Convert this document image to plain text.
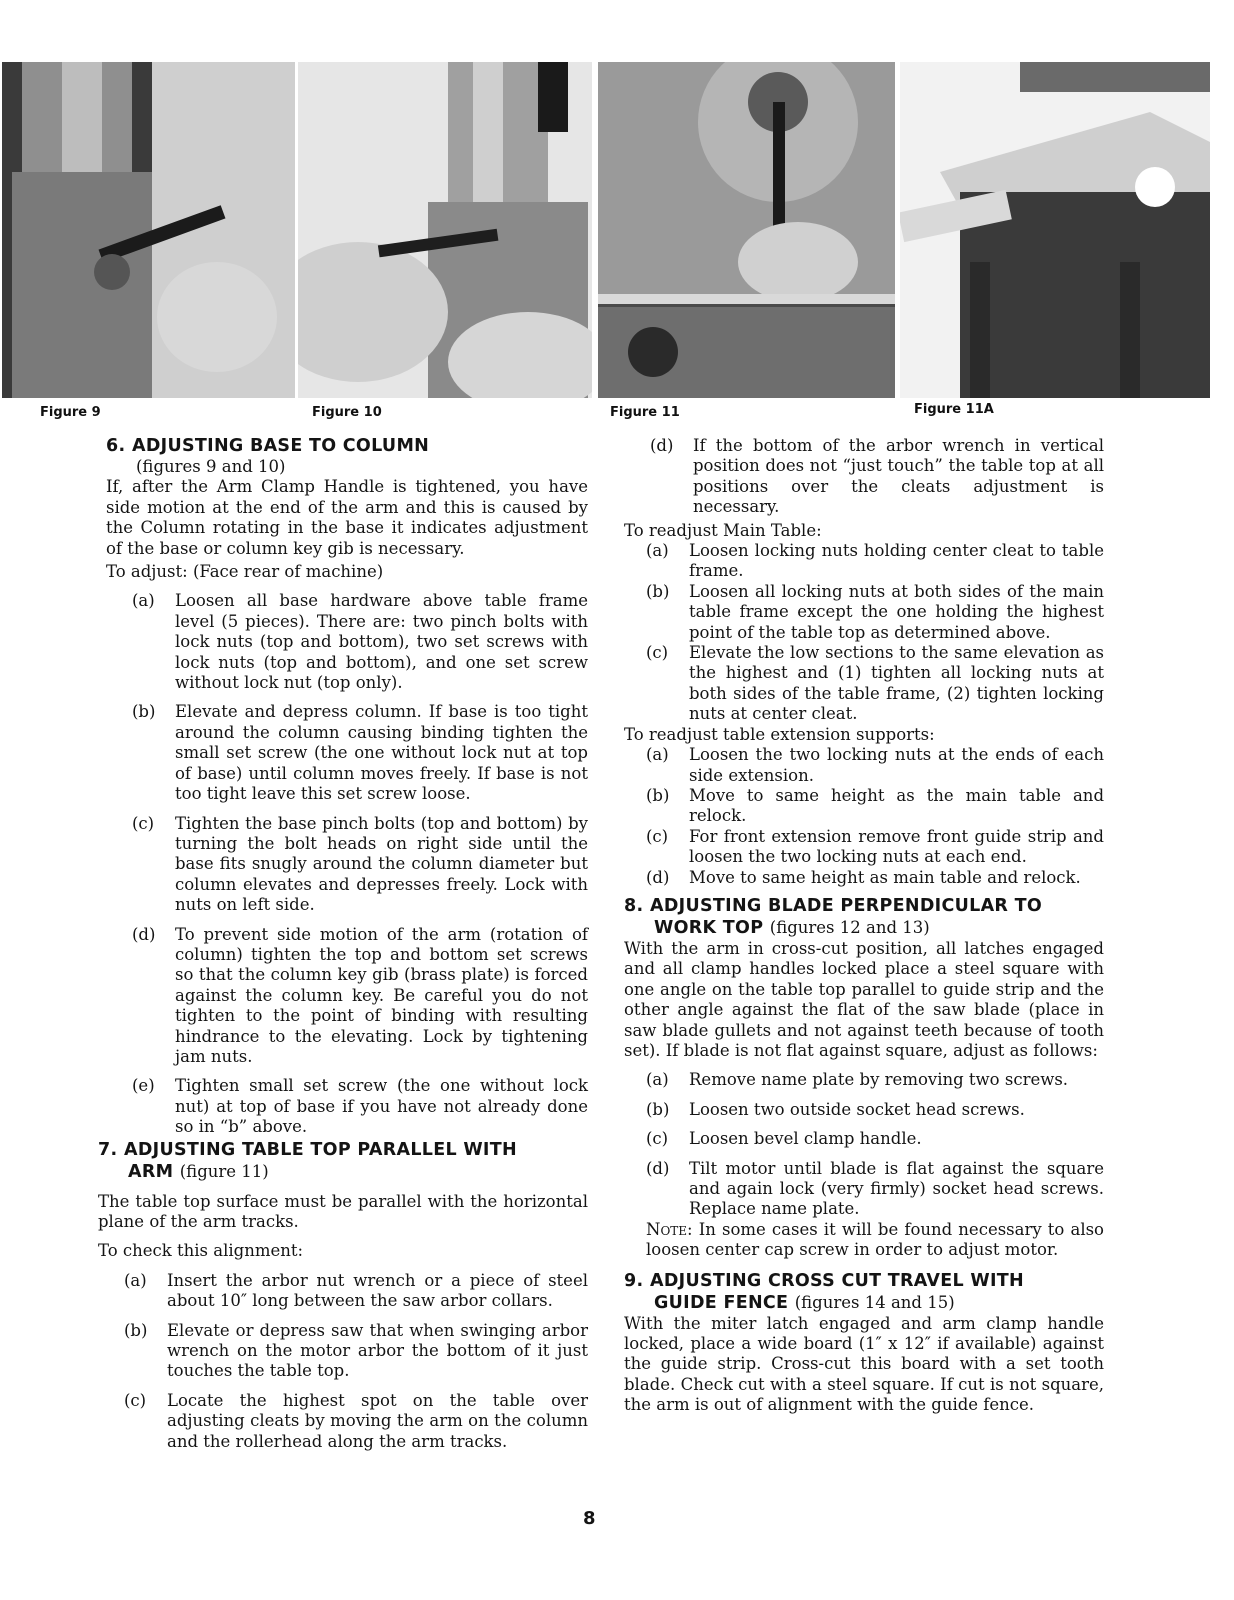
Figure 9	Figure 10	Figure 11	Figure 11A
6. ADJUSTING BASE TO COLUMN

(figures 9 and 10)

If, after the Arm Clamp Handle is tightened, you have side motion at the end of the arm and this is caused by the Column rotating in the base it indicates adjustment of the base or column key gib is necessary.

To adjust: (Face rear of machine)

(a)	Loosen all base hardware above table frame level (5 pieces). There are: two pinch bolts with lock nuts (top and bottom), two set screws with lock nuts (top and bottom), and one set screw without lock nut (top only).
(b)	Elevate and depress column. If base is too tight around the column causing binding tighten the small set screw (the one without lock nut at top of base) until column moves freely. If base is not too tight leave this set screw loose.
(c)	Tighten the base pinch bolts (top and bottom) by turning the bolt heads on right side until the base fits snugly around the column diameter but column elevates and depresses freely. Lock with nuts on left side.
(d)	To prevent side motion of the arm (rotation of column) tighten the top and bottom set screws so that the column key gib (brass plate) is forced against the column key. Be careful you do not tighten to the point of binding with resulting hindrance to the elevating. Lock by tightening jam nuts.
(e)	Tighten small set screw (the one without lock nut) at top of base if you have not already done so in “b” above.
7. ADJUSTING TABLE TOP PARALLEL WITH
ARM (figure 11)

The table top surface must be parallel with the horizontal plane of the arm tracks.

To check this alignment:

(a)	Insert the arbor nut wrench or a piece of steel about 10″ long between the saw arbor collars.
(b)	Elevate or depress saw that when swinging arbor wrench on the motor arbor the bottom of it just touches the table top.
(c)	Locate the highest spot on the table over adjusting cleats by moving the arm on the column and the rollerhead along the arm tracks.
(d)	If the bottom of the arbor wrench in vertical position does not “just touch” the table top at all positions over the cleats adjustment is necessary.

To readjust Main Table:

(a)	Loosen locking nuts holding center cleat to table frame.
(b)	Loosen all locking nuts at both sides of the main table frame except the one holding the highest point of the table top as determined above.
(c)	Elevate the low sections to the same elevation as the highest and (1) tighten all locking nuts at both sides of the table frame, (2) tighten locking nuts at center cleat.

To readjust table extension supports:

(a)	Loosen the two locking nuts at the ends of each side extension.
(b)	Move to same height as the main table and relock.
(c)	For front extension remove front guide strip and loosen the two locking nuts at each end.
(d)	Move to same height as main table and relock.
8. ADJUSTING BLADE PERPENDICULAR TO
WORK TOP (figures 12 and 13)

With the arm in cross-cut position, all latches engaged and all clamp handles locked place a steel square with one angle on the table top parallel to guide strip and the other angle against the flat of the saw blade (place in saw blade gullets and not against teeth because of tooth set). If blade is not flat against square, adjust as follows:

(a)	Remove name plate by removing two screws.
(b)	Loosen two outside socket head screws.
(c)	Loosen bevel clamp handle.
(d)	Tilt motor until blade is flat against the square and again lock (very firmly) socket head screws. Replace name plate.

Note: In some cases it will be found necessary to also loosen center cap screw in order to adjust motor.

9. ADJUSTING CROSS CUT TRAVEL WITH
GUIDE FENCE (figures 14 and 15)

With the miter latch engaged and arm clamp handle locked, place a wide board (1″ x 12″ if available) against the guide strip. Cross-cut this board with a set tooth blade. Check cut with a steel square. If cut is not square, the arm is out of alignment with the guide fence.

8
